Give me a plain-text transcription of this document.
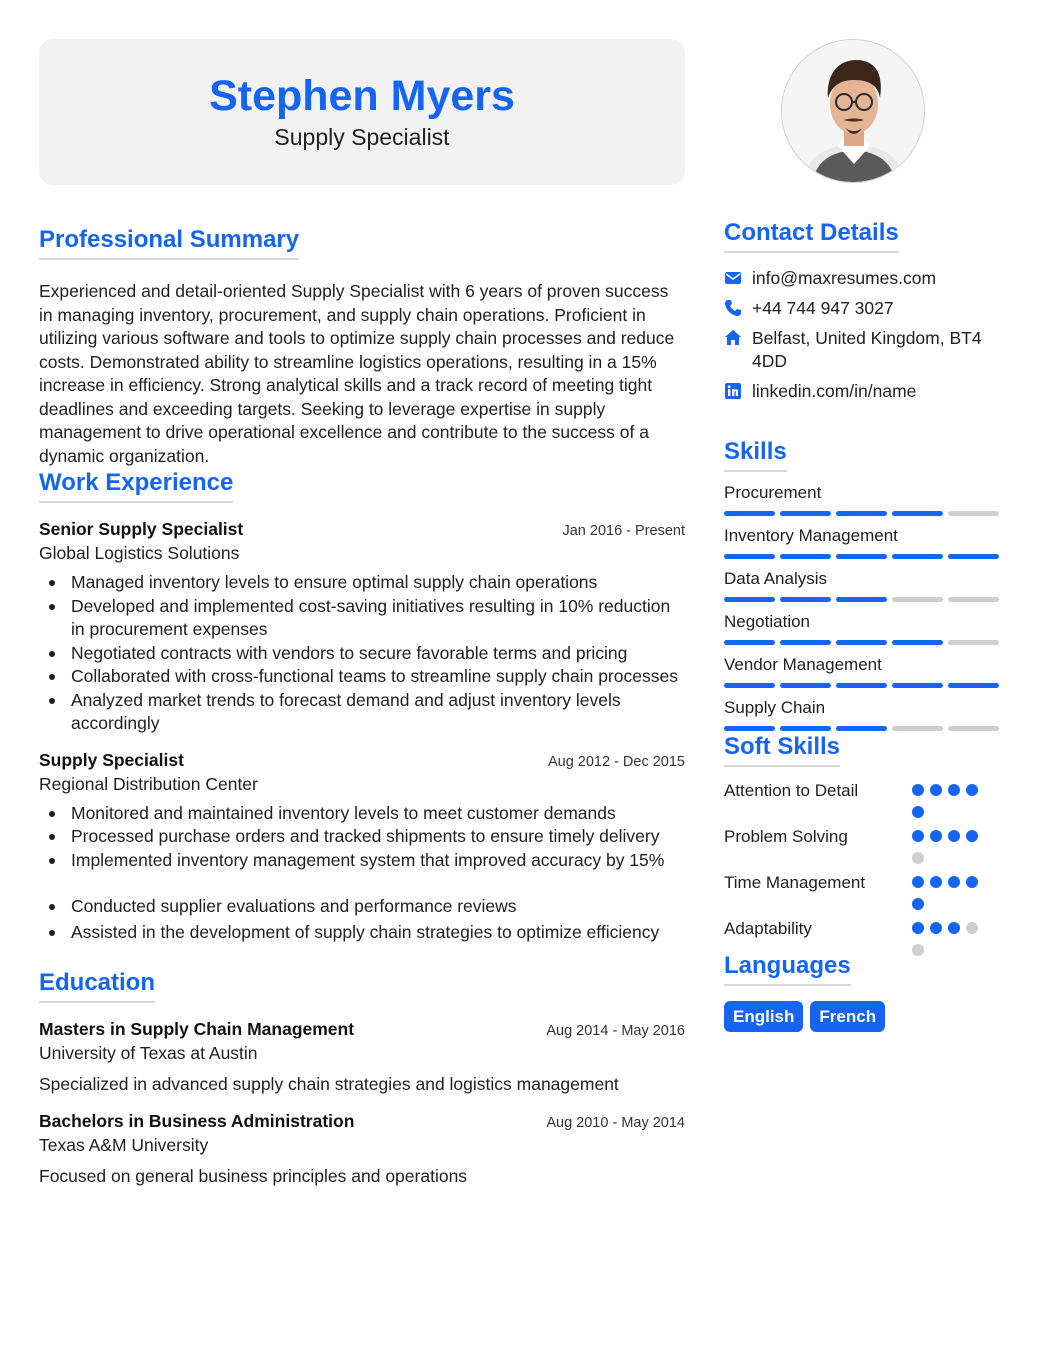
Stephen Myers
Supply Specialist
Professional Summary

Experienced and detail-oriented Supply Specialist with 6 years of proven success in managing inventory, procurement, and supply chain operations. Proficient in utilizing various software and tools to optimize supply chain processes and reduce costs. Demonstrated ability to streamline logistics operations, resulting in a 15% increase in efficiency. Strong analytical skills and a track record of meeting tight deadlines and exceeding targets. Seeking to leverage expertise in supply management to drive operational excellence and contribute to the success of a dynamic organization.

Work Experience
Senior Supply Specialist	Jan 2016 - Present
Global Logistics Solutions
Managed inventory levels to ensure optimal supply chain operations
Developed and implemented cost-saving initiatives resulting in 10% reduction in procurement expenses
Negotiated contracts with vendors to secure favorable terms and pricing
Collaborated with cross-functional teams to streamline supply chain processes
Analyzed market trends to forecast demand and adjust inventory levels accordingly
Supply Specialist	Aug 2012 - Dec 2015
Regional Distribution Center
Monitored and maintained inventory levels to meet customer demands
Processed purchase orders and tracked shipments to ensure timely delivery
Implemented inventory management system that improved accuracy by 15%
Conducted supplier evaluations and performance reviews
Assisted in the development of supply chain strategies to optimize efficiency
Education
Masters in Supply Chain Management	Aug 2014 - May 2016
University of Texas at Austin
Specialized in advanced supply chain strategies and logistics management
Bachelors in Business Administration	Aug 2010 - May 2014
Texas A&M University
Focused on general business principles and operations
Contact Details
info@maxresumes.com
+44 744 947 3027
Belfast, United Kingdom, BT4 4DD
linkedin.com/in/name
Skills
Procurement
Inventory Management
Data Analysis
Negotiation
Vendor Management
Supply Chain
Soft Skills
Attention to Detail
Problem Solving
Time Management
Adaptability
Languages
English	French
